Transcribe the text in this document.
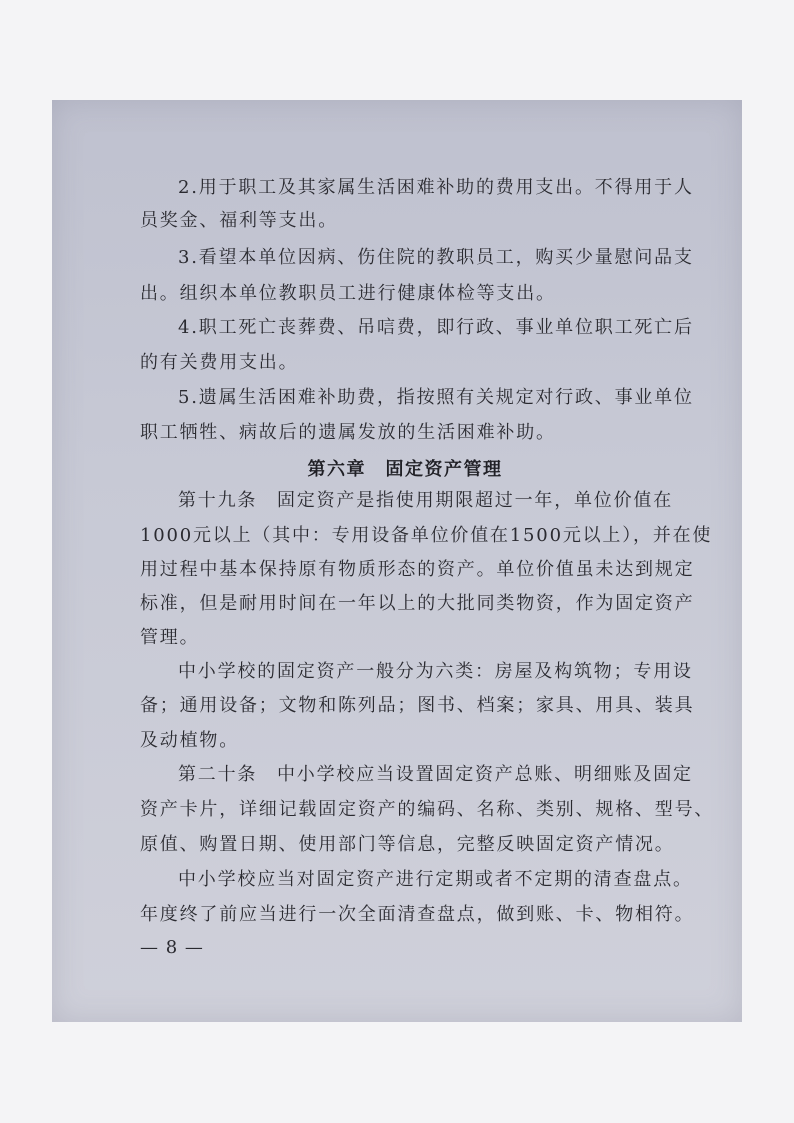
2.用于职工及其家属生活困难补助的费用支出。不得用于人
员奖金、福利等支出。
3.看望本单位因病、伤住院的教职员工，购买少量慰问品支
出。组织本单位教职员工进行健康体检等支出。
4.职工死亡丧葬费、吊唁费，即行政、事业单位职工死亡后
的有关费用支出。
5.遗属生活困难补助费，指按照有关规定对行政、事业单位
职工牺牲、病故后的遗属发放的生活困难补助。
第六章　固定资产管理
第十九条　固定资产是指使用期限超过一年，单位价值在
1000元以上（其中：专用设备单位价值在1500元以上），并在使
用过程中基本保持原有物质形态的资产。单位价值虽未达到规定
标准，但是耐用时间在一年以上的大批同类物资，作为固定资产
管理。
中小学校的固定资产一般分为六类：房屋及构筑物；专用设
备；通用设备；文物和陈列品；图书、档案；家具、用具、装具
及动植物。
第二十条　中小学校应当设置固定资产总账、明细账及固定
资产卡片，详细记载固定资产的编码、名称、类别、规格、型号、
原值、购置日期、使用部门等信息，完整反映固定资产情况。
中小学校应当对固定资产进行定期或者不定期的清查盘点。
年度终了前应当进行一次全面清查盘点，做到账、卡、物相符。
— 8 —
